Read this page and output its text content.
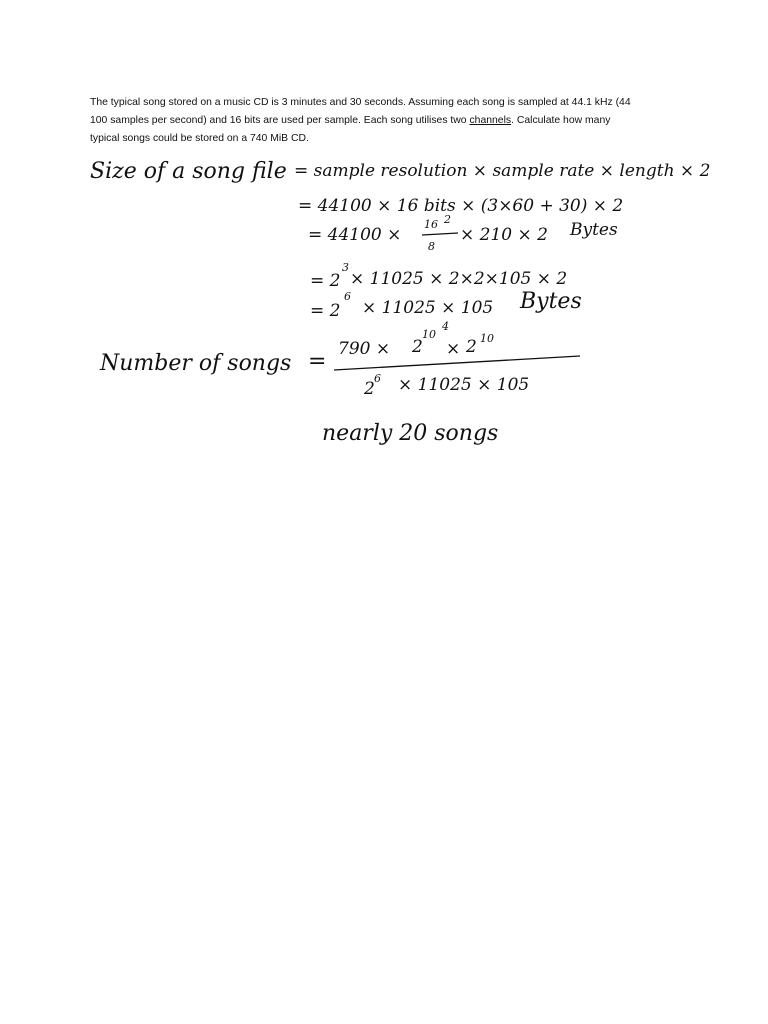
The typical song stored on a music CD is 3 minutes and 30 seconds. Assuming each song is sampled at 44.1 kHz (44
100 samples per second) and 16 bits are used per sample. Each song utilises two channels. Calculate how many
typical songs could be stored on a 740 MiB CD.
Size of a song file = sample resolution × sample rate × length × 2
= 44100 × 16 bits × (3×60 + 30) × 2
= 44100 ×
16 2
8
× 210 × 2 Bytes
= 2
3
× 11025 × 2×2×105 × 2
= 2
6
× 11025 × 105 Bytes
Number of songs = 790 × 2
10
4
× 2 10
2
6 × 11025 × 105
nearly 20 songs
